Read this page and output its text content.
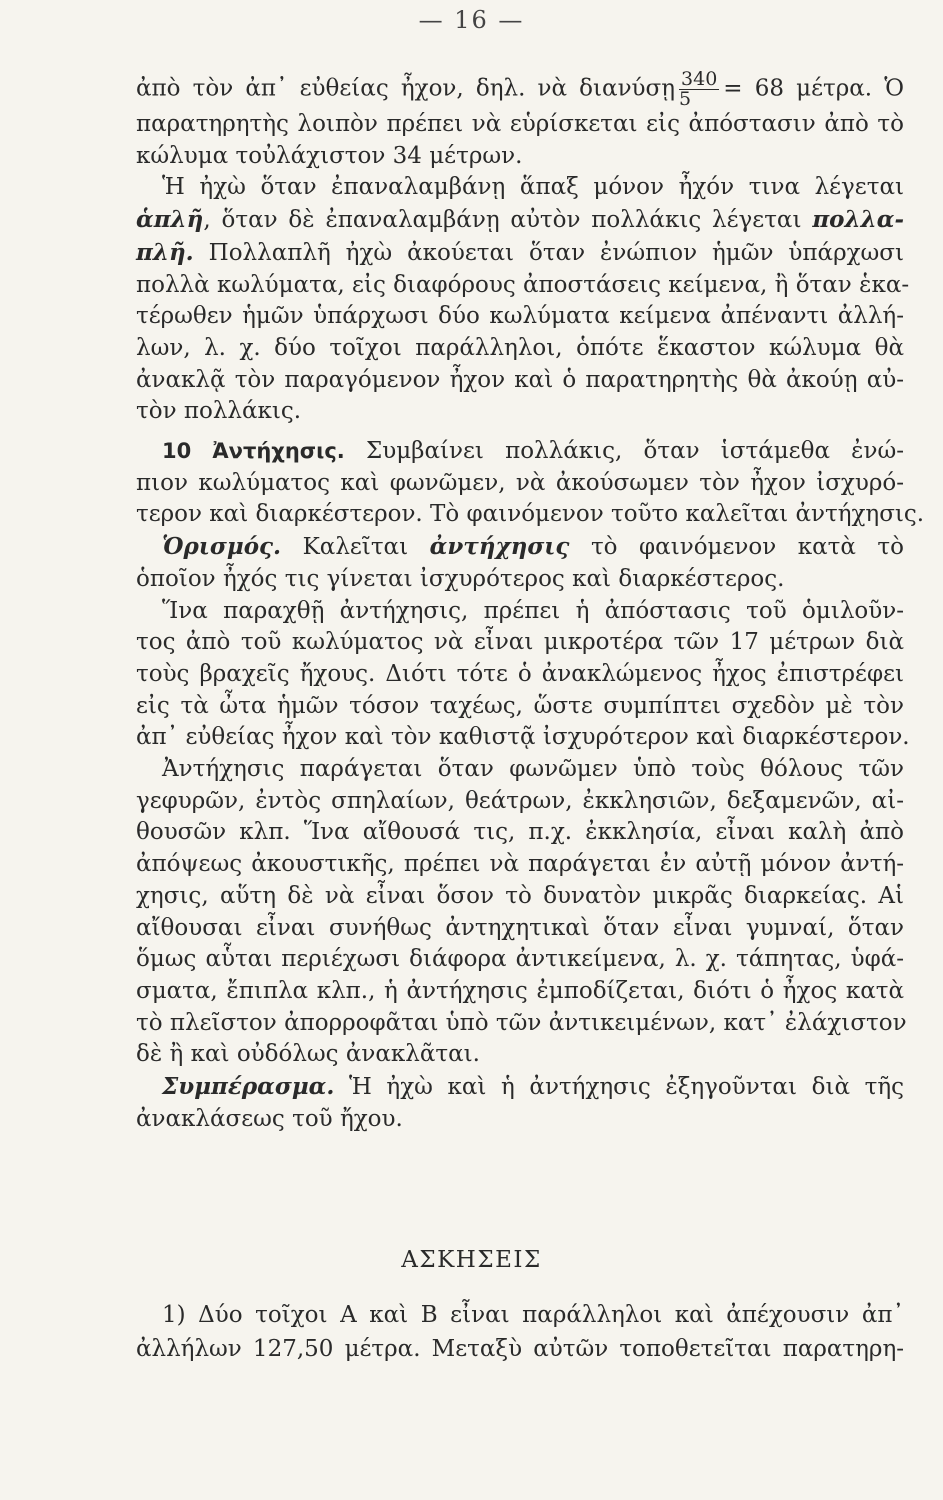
— 16 —
ἀπὸ τὸν ἀπ᾿ εὐθείας ἦχον, δηλ. νὰ διανύσῃ $\frac{340}{5} = 68$ μέτρα. Ὁ
παρατηρητὴς λοιπὸν πρέπει νὰ εὑρίσκεται εἰς ἀπόστασιν ἀπὸ τὸ
κώλυμα τοὐλάχιστον 34 μέτρων.
Ἡ ἠχὼ ὅταν ἐπαναλαμβάνῃ ἅπαξ μόνον ἦχόν τινα λέγεται
ἁπλῆ, ὅταν δὲ ἐπαναλαμβάνῃ αὐτὸν πολλάκις λέγεται πολλα-
πλῆ. Πολλαπλῆ ἠχὼ ἀκούεται ὅταν ἐνώπιον ἡμῶν ὑπάρχωσι
πολλὰ κωλύματα, εἰς διαφόρους ἀποστάσεις κείμενα, ἢ ὅταν ἑκα-
τέρωθεν ἡμῶν ὑπάρχωσι δύο κωλύματα κείμενα ἀπέναντι ἀλλή-
λων, λ. χ. δύο τοῖχοι παράλληλοι, ὁπότε ἕκαστον κώλυμα θὰ
ἀνακλᾷ τὸν παραγόμενον ἦχον καὶ ὁ παρατηρητὴς θὰ ἀκούῃ αὐ-
τὸν πολλάκις.
10 Ἀντήχησις. Συμβαίνει πολλάκις, ὅταν ἱστάμεθα ἐνώ-
πιον κωλύματος καὶ φωνῶμεν, νὰ ἀκούσωμεν τὸν ἦχον ἰσχυρό-
τερον καὶ διαρκέστερον. Τὸ φαινόμενον τοῦτο καλεῖται ἀντήχησις.
Ὁρισμός. Καλεῖται ἀντήχησις τὸ φαινόμενον κατὰ τὸ
ὁποῖον ἦχός τις γίνεται ἰσχυρότερος καὶ διαρκέστερος.
Ἵνα παραχθῇ ἀντήχησις, πρέπει ἡ ἀπόστασις τοῦ ὁμιλοῦν-
τος ἀπὸ τοῦ κωλύματος νὰ εἶναι μικροτέρα τῶν 17 μέτρων διὰ
τοὺς βραχεῖς ἤχους. Διότι τότε ὁ ἀνακλώμενος ἦχος ἐπιστρέφει
εἰς τὰ ὦτα ἡμῶν τόσον ταχέως, ὥστε συμπίπτει σχεδὸν μὲ τὸν
ἀπ᾿ εὐθείας ἦχον καὶ τὸν καθιστᾷ ἰσχυρότερον καὶ διαρκέστερον.
Ἀντήχησις παράγεται ὅταν φωνῶμεν ὑπὸ τοὺς θόλους τῶν
γεφυρῶν, ἐντὸς σπηλαίων, θεάτρων, ἐκκλησιῶν, δεξαμενῶν, αἰ-
θουσῶν κλπ. Ἵνα αἴθουσά τις, π.χ. ἐκκλησία, εἶναι καλὴ ἀπὸ
ἀπόψεως ἀκουστικῆς, πρέπει νὰ παράγεται ἐν αὐτῇ μόνον ἀντή-
χησις, αὕτη δὲ νὰ εἶναι ὅσον τὸ δυνατὸν μικρᾶς διαρκείας. Αἱ
αἴθουσαι εἶναι συνήθως ἀντηχητικαὶ ὅταν εἶναι γυμναί, ὅταν
ὅμως αὗται περιέχωσι διάφορα ἀντικείμενα, λ. χ. τάπητας, ὑφά-
σματα, ἔπιπλα κλπ., ἡ ἀντήχησις ἐμποδίζεται, διότι ὁ ἦχος κατὰ
τὸ πλεῖστον ἀπορροφᾶται ὑπὸ τῶν ἀντικειμένων, κατ᾿ ἐλάχιστον
δὲ ἢ καὶ οὐδόλως ἀνακλᾶται.
Συμπέρασμα. Ἡ ἠχὼ καὶ ἡ ἀντήχησις ἐξηγοῦνται διὰ τῆς
ἀνακλάσεως τοῦ ἤχου.
ΑΣΚΗΣΕΙΣ
1) Δύο τοῖχοι Α καὶ Β εἶναι παράλληλοι καὶ ἀπέχουσιν ἀπ᾿
ἀλλήλων 127,50 μέτρα. Μεταξὺ αὐτῶν τοποθετεῖται παρατηρη-
